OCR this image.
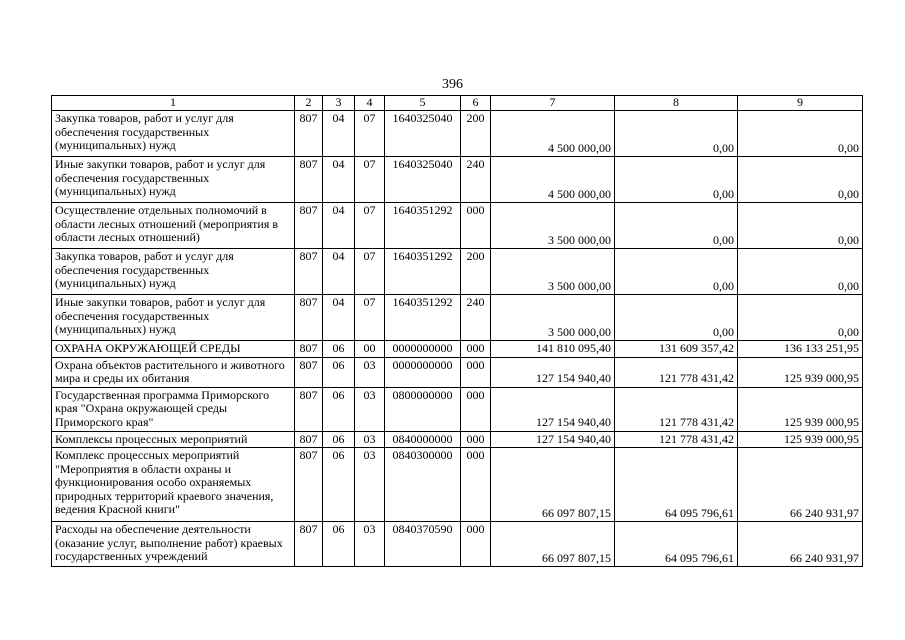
396
1	2	3	4	5	6	7	8	9
Закупка товаров, работ и услуг для обеспечения государственных (муниципальных) нужд	807	04	07	1640325040	200	4 500 000,00	0,00	0,00
Иные закупки товаров, работ и услуг для обеспечения государственных (муниципальных) нужд	807	04	07	1640325040	240	4 500 000,00	0,00	0,00
Осуществление отдельных полномочий в области лесных отношений (мероприятия в области лесных отношений)	807	04	07	1640351292	000	3 500 000,00	0,00	0,00
Закупка товаров, работ и услуг для обеспечения государственных (муниципальных) нужд	807	04	07	1640351292	200	3 500 000,00	0,00	0,00
Иные закупки товаров, работ и услуг для обеспечения государственных (муниципальных) нужд	807	04	07	1640351292	240	3 500 000,00	0,00	0,00
ОХРАНА ОКРУЖАЮЩЕЙ СРЕДЫ	807	06	00	0000000000	000	141 810 095,40	131 609 357,42	136 133 251,95
Охрана объектов растительного и животного мира и среды их обитания	807	06	03	0000000000	000	127 154 940,40	121 778 431,42	125 939 000,95
Государственная программа Приморского края "Охрана окружающей среды Приморского края"	807	06	03	0800000000	000	127 154 940,40	121 778 431,42	125 939 000,95
Комплексы процессных мероприятий	807	06	03	0840000000	000	127 154 940,40	121 778 431,42	125 939 000,95
Комплекс процессных мероприятий "Мероприятия в области охраны и функционирования особо охраняемых природных территорий краевого значения, ведения Красной книги"	807	06	03	0840300000	000	66 097 807,15	64 095 796,61	66 240 931,97
Расходы на обеспечение деятельности (оказание услуг, выполнение работ) краевых государственных учреждений	807	06	03	0840370590	000	66 097 807,15	64 095 796,61	66 240 931,97
